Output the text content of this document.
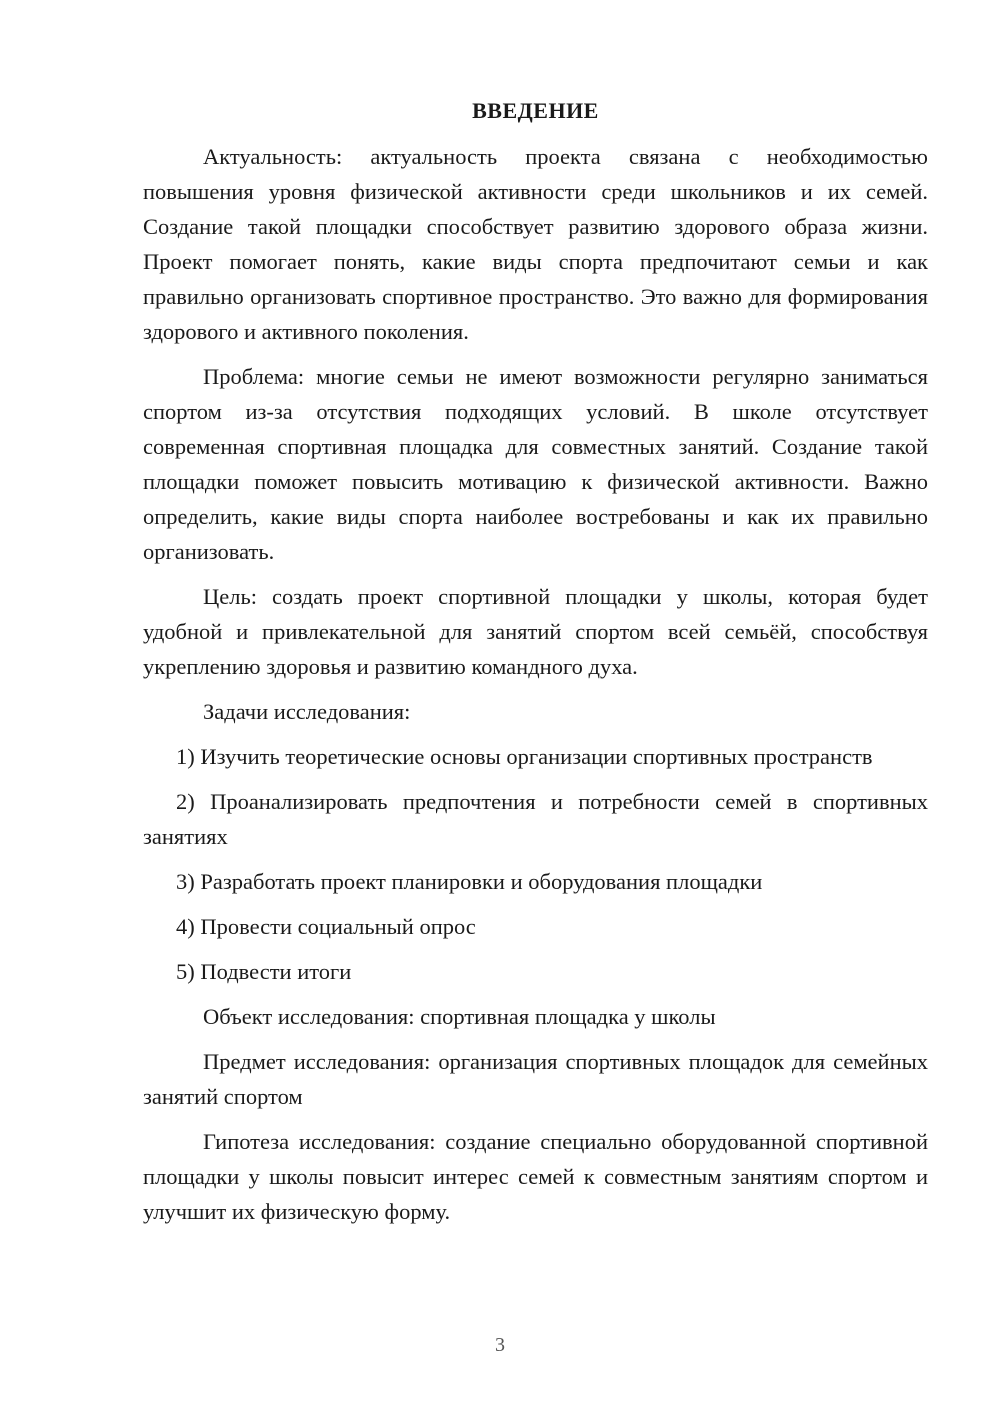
ВВЕДЕНИЕ

Актуальность: актуальность проекта связана с необходимостью повышения уровня физической активности среди школьников и их семей. Создание такой площадки способствует развитию здорового образа жизни. Проект помогает понять, какие виды спорта предпочитают семьи и как правильно организовать спортивное пространство. Это важно для формирования здорового и активного поколения.

Проблема: многие семьи не имеют возможности регулярно заниматься спортом из-за отсутствия подходящих условий. В школе отсутствует современная спортивная площадка для совместных занятий. Создание такой площадки поможет повысить мотивацию к физической активности. Важно определить, какие виды спорта наиболее востребованы и как их правильно организовать.

Цель: создать проект спортивной площадки у школы, которая будет удобной и привлекательной для занятий спортом всей семьёй, способствуя укреплению здоровья и развитию командного духа.

Задачи исследования:

1) Изучить теоретические основы организации спортивных пространств

2) Проанализировать предпочтения и потребности семей в спортивных занятиях

3) Разработать проект планировки и оборудования площадки

4) Провести социальный опрос

5) Подвести итоги

Объект исследования: спортивная площадка у школы

Предмет исследования: организация спортивных площадок для семейных занятий спортом

Гипотеза исследования: создание специально оборудованной спортивной площадки у школы повысит интерес семей к совместным занятиям спортом и улучшит их физическую форму.

3
